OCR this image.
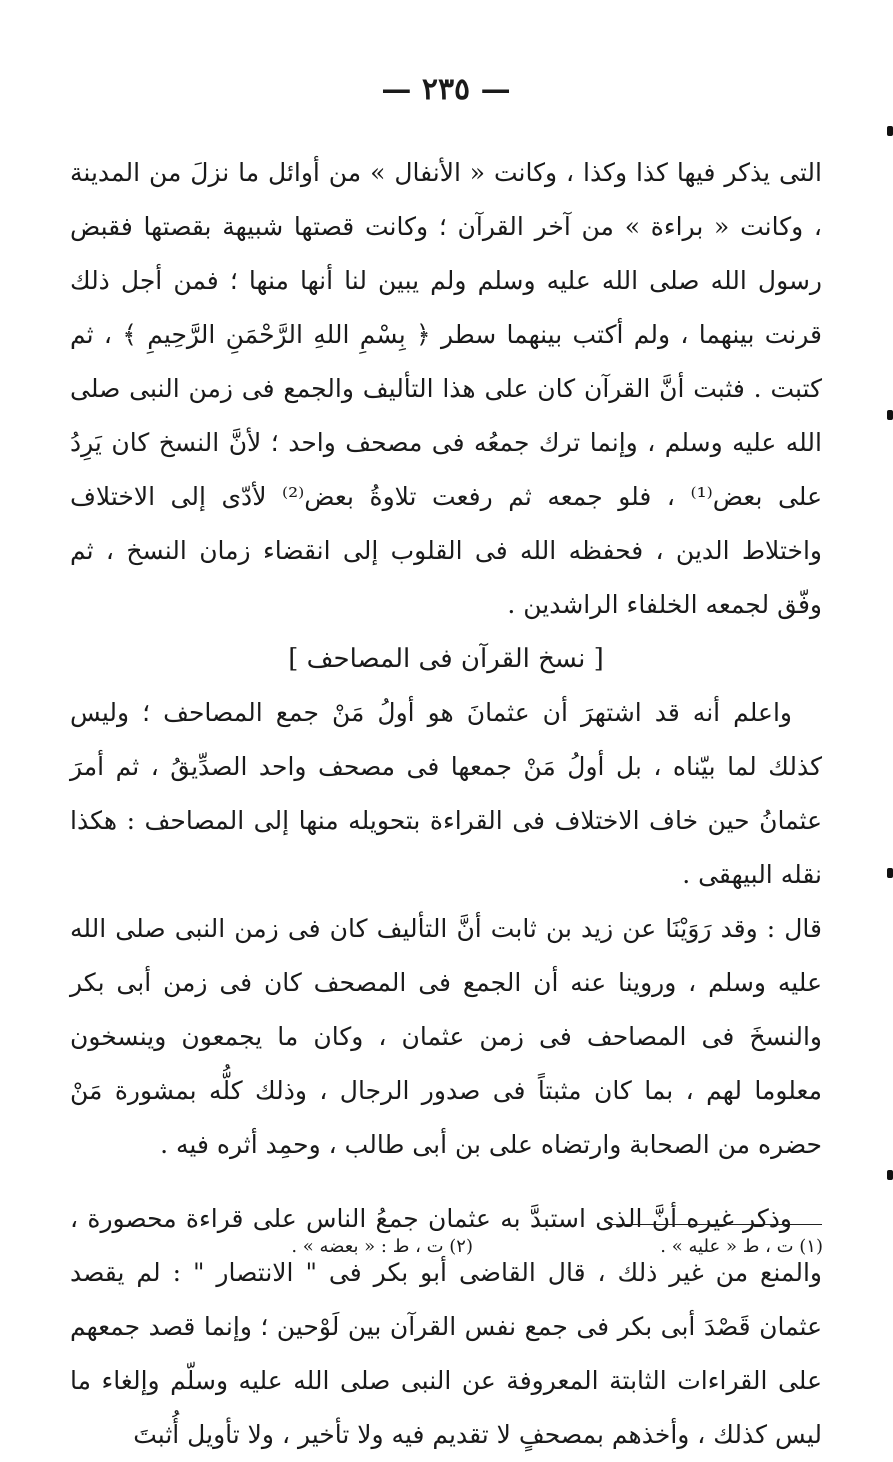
— ٢٣٥ —

التى يذكر فيها كذا وكذا ، وكانت « الأنفال » من أوائل ما نزلَ من المدينة ، وكانت « براءة » من آخر القرآن ؛ وكانت قصتها شبيهة بقصتها فقبض رسول الله صلى الله عليه وسلم ولم يبين لنا أنها منها ؛ فمن أجل ذلك قرنت بينهما ، ولم أكتب بينهما سطر ﴿ بِسْمِ اللهِ الرَّحْمَنِ الرَّحِيمِ ﴾ ، ثم كتبت . فثبت أنَّ القرآن كان على هذا التأليف والجمع فى زمن النبى صلى الله عليه وسلم ، وإنما ترك جمعُه فى مصحف واحد ؛ لأنَّ النسخ كان يَرِدُ على بعض⁽¹⁾ ، فلو جمعه ثم رفعت تلاوةُ بعض⁽²⁾ لأدّى إلى الاختلاف واختلاط الدين ، فحفظه الله فى القلوب إلى انقضاء زمان النسخ ، ثم وفّق لجمعه الخلفاء الراشدين .

[ نسخ القرآن فى المصاحف ]

واعلم أنه قد اشتهرَ أن عثمانَ هو أولُ مَنْ جمع المصاحف ؛ وليس كذلك لما بيّناه ، بل أولُ مَنْ جمعها فى مصحف واحد الصدِّيقُ ، ثم أمرَ عثمانُ حين خاف الاختلاف فى القراءة بتحويله منها إلى المصاحف : هكذا نقله البيهقى .

قال : وقد رَوَيْنَا عن زيد بن ثابت أنَّ التأليف كان فى زمن النبى صلى الله عليه وسلم ، وروينا عنه أن الجمع فى المصحف كان فى زمن أبى بكر والنسخَ فى المصاحف فى زمن عثمان ، وكان ما يجمعون وينسخون معلوما لهم ، بما كان مثبتاً فى صدور الرجال ، وذلك كلُّه بمشورة مَنْ حضره من الصحابة وارتضاه على بن أبى طالب ، وحمِد أثره فيه .

وذكر غيره أنَّ الذى استبدَّ به عثمان جمعُ الناس على قراءة محصورة ، والمنع من غير ذلك ، قال القاضى أبو بكر فى " الانتصار " : لم يقصد عثمان قَصْدَ أبى بكر فى جمع نفس القرآن بين لَوْحين ؛ وإنما قصد جمعهم على القراءات الثابتة المعروفة عن النبى صلى الله عليه وسلّم وإلغاء ما ليس كذلك ، وأخذهم بمصحفٍ لا تقديم فيه ولا تأخير ، ولا تأويل أُثبتَ

(١) ت ، ط « عليه » .
(٢) ت ، ط : « بعضه » .
